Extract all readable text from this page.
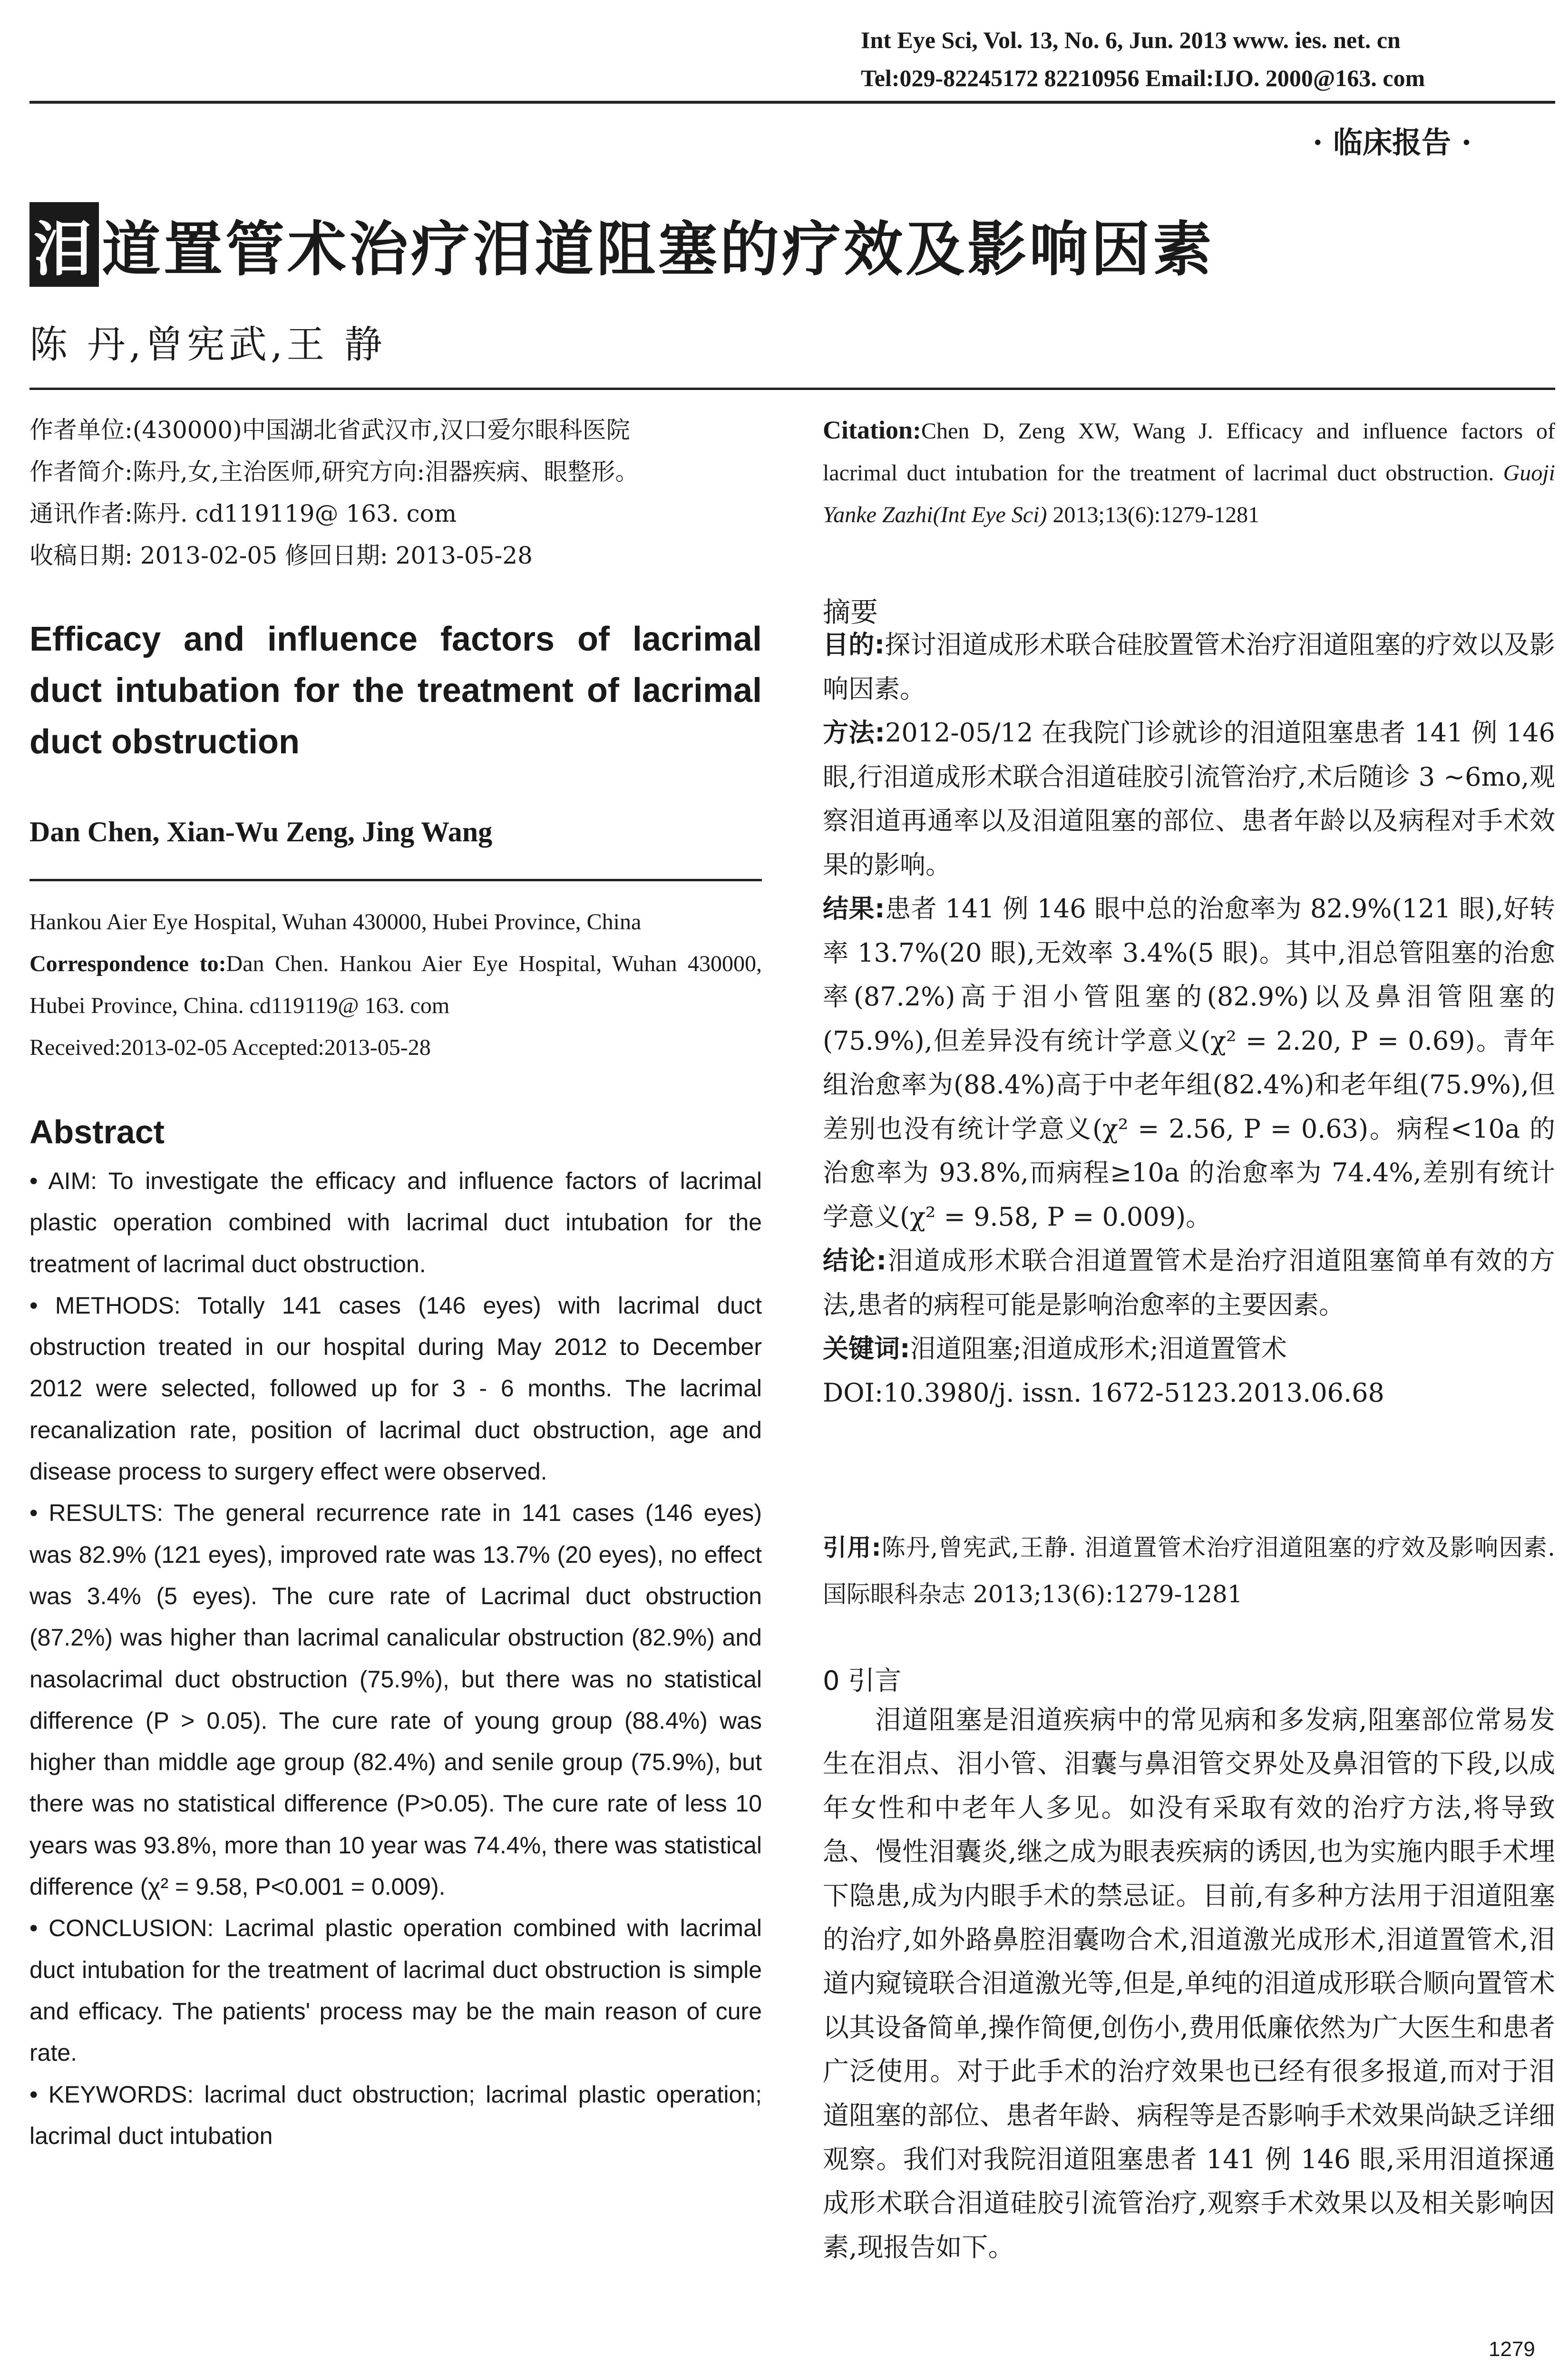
Int Eye Sci, Vol. 13, No. 6, Jun. 2013 www. ies. net. cn
Tel:029-82245172 82210956 Email:IJO. 2000@163. com
· 临床报告 ·
泪 道置管术治疗泪道阻塞的疗效及影响因素
陈 丹,曾宪武,王 静
作者单位:(430000)中国湖北省武汉市,汉口爱尔眼科医院
作者简介:陈丹,女,主治医师,研究方向:泪器疾病、眼整形。
通讯作者:陈丹. cd119119@ 163. com
收稿日期: 2013-02-05 修回日期: 2013-05-28
Efficacy and influence factors of lacrimal duct intubation for the treatment of lacrimal duct obstruction
Dan Chen, Xian-Wu Zeng, Jing Wang
Hankou Aier Eye Hospital, Wuhan 430000, Hubei Province, China
Correspondence to:Dan Chen. Hankou Aier Eye Hospital, Wuhan 430000, Hubei Province, China. cd119119@ 163. com
Received:2013-02-05 Accepted:2013-05-28
Abstract

• AIM: To investigate the efficacy and influence factors of lacrimal plastic operation combined with lacrimal duct intubation for the treatment of lacrimal duct obstruction.

• METHODS: Totally 141 cases (146 eyes) with lacrimal duct obstruction treated in our hospital during May 2012 to December 2012 were selected, followed up for 3 - 6 months. The lacrimal recanalization rate, position of lacrimal duct obstruction, age and disease process to surgery effect were observed.

• RESULTS: The general recurrence rate in 141 cases (146 eyes) was 82.9% (121 eyes), improved rate was 13.7% (20 eyes), no effect was 3.4% (5 eyes). The cure rate of Lacrimal duct obstruction (87.2%) was higher than lacrimal canalicular obstruction (82.9%) and nasolacrimal duct obstruction (75.9%), but there was no statistical difference (P > 0.05). The cure rate of young group (88.4%) was higher than middle age group (82.4%) and senile group (75.9%), but there was no statistical difference (P>0.05). The cure rate of less 10 years was 93.8%, more than 10 year was 74.4%, there was statistical difference (χ² = 9.58, P<0.001 = 0.009).

• CONCLUSION: Lacrimal plastic operation combined with lacrimal duct intubation for the treatment of lacrimal duct obstruction is simple and efficacy. The patients' process may be the main reason of cure rate.

• KEYWORDS: lacrimal duct obstruction; lacrimal plastic operation; lacrimal duct intubation

Citation:Chen D, Zeng XW, Wang J. Efficacy and influence factors of lacrimal duct intubation for the treatment of lacrimal duct obstruction. Guoji Yanke Zazhi(Int Eye Sci) 2013;13(6):1279-1281
摘要

目的:探讨泪道成形术联合硅胶置管术治疗泪道阻塞的疗效以及影响因素。

方法:2012-05/12 在我院门诊就诊的泪道阻塞患者 141 例 146 眼,行泪道成形术联合泪道硅胶引流管治疗,术后随诊 3 ~6mo,观察泪道再通率以及泪道阻塞的部位、患者年龄以及病程对手术效果的影响。

结果:患者 141 例 146 眼中总的治愈率为 82.9%(121 眼),好转率 13.7%(20 眼),无效率 3.4%(5 眼)。其中,泪总管阻塞的治愈率(87.2%)高于泪小管阻塞的(82.9%)以及鼻泪管阻塞的(75.9%),但差异没有统计学意义(χ² = 2.20, P = 0.69)。青年组治愈率为(88.4%)高于中老年组(82.4%)和老年组(75.9%),但差别也没有统计学意义(χ² = 2.56, P = 0.63)。病程<10a 的治愈率为 93.8%,而病程≥10a 的治愈率为 74.4%,差别有统计学意义(χ² = 9.58, P = 0.009)。

结论:泪道成形术联合泪道置管术是治疗泪道阻塞简单有效的方法,患者的病程可能是影响治愈率的主要因素。

关键词:泪道阻塞;泪道成形术;泪道置管术

DOI:10.3980/j. issn. 1672-5123.2013.06.68

引用:陈丹,曾宪武,王静. 泪道置管术治疗泪道阻塞的疗效及影响因素. 国际眼科杂志 2013;13(6):1279-1281
0 引言
泪道阻塞是泪道疾病中的常见病和多发病,阻塞部位常易发生在泪点、泪小管、泪囊与鼻泪管交界处及鼻泪管的下段,以成年女性和中老年人多见。如没有采取有效的治疗方法,将导致急、慢性泪囊炎,继之成为眼表疾病的诱因,也为实施内眼手术埋下隐患,成为内眼手术的禁忌证。目前,有多种方法用于泪道阻塞的治疗,如外路鼻腔泪囊吻合术,泪道激光成形术,泪道置管术,泪道内窥镜联合泪道激光等,但是,单纯的泪道成形联合顺向置管术以其设备简单,操作简便,创伤小,费用低廉依然为广大医生和患者广泛使用。对于此手术的治疗效果也已经有很多报道,而对于泪道阻塞的部位、患者年龄、病程等是否影响手术效果尚缺乏详细观察。我们对我院泪道阻塞患者 141 例 146 眼,采用泪道探通成形术联合泪道硅胶引流管治疗,观察手术效果以及相关影响因素,现报告如下。
1279
